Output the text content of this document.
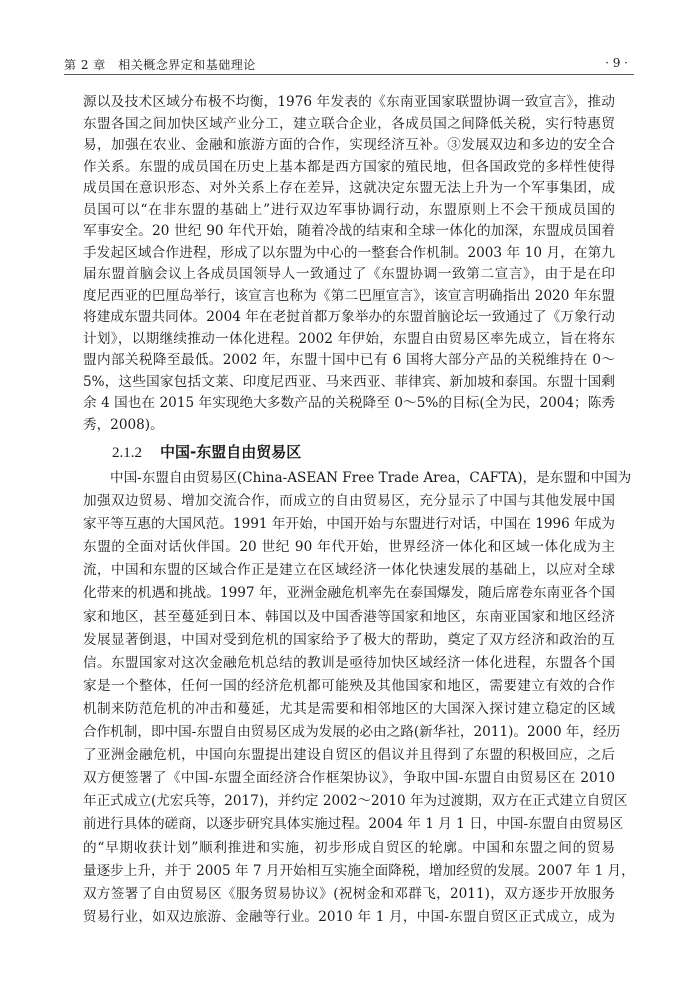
第 2 章　相关概念界定和基础理论	· 9 ·
源以及技术区域分布极不均衡，1976 年发表的《东南亚国家联盟协调一致宣言》，推动
东盟各国之间加快区域产业分工，建立联合企业，各成员国之间降低关税，实行特惠贸
易，加强在农业、金融和旅游方面的合作，实现经济互补。③发展双边和多边的安全合
作关系。东盟的成员国在历史上基本都是西方国家的殖民地，但各国政党的多样性使得
成员国在意识形态、对外关系上存在差异，这就决定东盟无法上升为一个军事集团，成
员国可以“在非东盟的基础上”进行双边军事协调行动，东盟原则上不会干预成员国的
军事安全。20 世纪 90 年代开始，随着冷战的结束和全球一体化的加深，东盟成员国着
手发起区域合作进程，形成了以东盟为中心的一整套合作机制。2003 年 10 月，在第九
届东盟首脑会议上各成员国领导人一致通过了《东盟协调一致第二宣言》，由于是在印
度尼西亚的巴厘岛举行，该宣言也称为《第二巴厘宣言》，该宣言明确指出 2020 年东盟
将建成东盟共同体。2004 年在老挝首都万象举办的东盟首脑论坛一致通过了《万象行动
计划》，以期继续推动一体化进程。2002 年伊始，东盟自由贸易区率先成立，旨在将东
盟内部关税降至最低。2002 年，东盟十国中已有 6 国将大部分产品的关税维持在 0～
5%，这些国家包括文莱、印度尼西亚、马来西亚、菲律宾、新加坡和泰国。东盟十国剩
余 4 国也在 2015 年实现绝大多数产品的关税降至 0～5%的目标(全为民，2004；陈秀
秀，2008)。
2.1.2 中国-东盟自由贸易区
中国-东盟自由贸易区(China-ASEAN Free Trade Area，CAFTA)，是东盟和中国为
加强双边贸易、增加交流合作，而成立的自由贸易区，充分显示了中国与其他发展中国
家平等互惠的大国风范。1991 年开始，中国开始与东盟进行对话，中国在 1996 年成为
东盟的全面对话伙伴国。20 世纪 90 年代开始，世界经济一体化和区域一体化成为主
流，中国和东盟的区域合作正是建立在区域经济一体化快速发展的基础上，以应对全球
化带来的机遇和挑战。1997 年，亚洲金融危机率先在泰国爆发，随后席卷东南亚各个国
家和地区，甚至蔓延到日本、韩国以及中国香港等国家和地区，东南亚国家和地区经济
发展显著倒退，中国对受到危机的国家给予了极大的帮助，奠定了双方经济和政治的互
信。东盟国家对这次金融危机总结的教训是亟待加快区域经济一体化进程，东盟各个国
家是一个整体，任何一国的经济危机都可能殃及其他国家和地区，需要建立有效的合作
机制来防范危机的冲击和蔓延，尤其是需要和相邻地区的大国深入探讨建立稳定的区域
合作机制，即中国-东盟自由贸易区成为发展的必由之路(新华社，2011)。2000 年，经历
了亚洲金融危机，中国向东盟提出建设自贸区的倡议并且得到了东盟的积极回应，之后
双方便签署了《中国-东盟全面经济合作框架协议》，争取中国-东盟自由贸易区在 2010
年正式成立(尤宏兵等，2017)，并约定 2002～2010 年为过渡期，双方在正式建立自贸区
前进行具体的磋商，以逐步研究具体实施过程。2004 年 1 月 1 日，中国-东盟自由贸易区
的“早期收获计划”顺利推进和实施，初步形成自贸区的轮廓。中国和东盟之间的贸易
量逐步上升，并于 2005 年 7 月开始相互实施全面降税，增加经贸的发展。2007 年 1 月，
双方签署了自由贸易区《服务贸易协议》(祝树金和邓群飞，2011)，双方逐步开放服务
贸易行业，如双边旅游、金融等行业。2010 年 1 月，中国-东盟自贸区正式成立，成为
